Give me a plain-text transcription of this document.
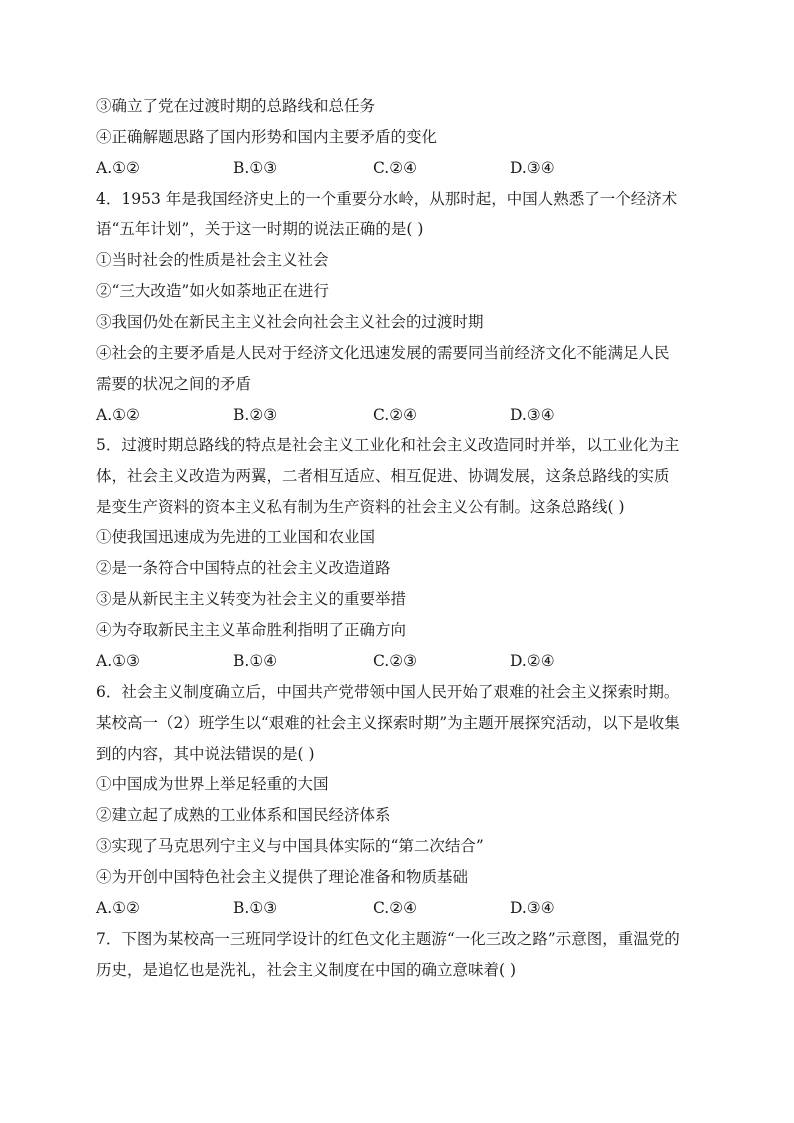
③确立了党在过渡时期的总路线和总任务
④正确解题思路了国内形势和国内主要矛盾的变化
A.①②	B.①③	C.②④	D.③④
4．1953 年是我国经济史上的一个重要分水岭，从那时起，中国人熟悉了一个经济术
语“五年计划”，关于这一时期的说法正确的是( )
①当时社会的性质是社会主义社会
②“三大改造”如火如荼地正在进行
③我国仍处在新民主主义社会向社会主义社会的过渡时期
④社会的主要矛盾是人民对于经济文化迅速发展的需要同当前经济文化不能满足人民
需要的状况之间的矛盾
A.①②	B.②③	C.②④	D.③④
5．过渡时期总路线的特点是社会主义工业化和社会主义改造同时并举，以工业化为主
体，社会主义改造为两翼，二者相互适应、相互促进、协调发展，这条总路线的实质
是变生产资料的资本主义私有制为生产资料的社会主义公有制。这条总路线( )
①使我国迅速成为先进的工业国和农业国
②是一条符合中国特点的社会主义改造道路
③是从新民主主义转变为社会主义的重要举措
④为夺取新民主主义革命胜利指明了正确方向
A.①③	B.①④	C.②③	D.②④
6．社会主义制度确立后，中国共产党带领中国人民开始了艰难的社会主义探索时期。
某校高一（2）班学生以“艰难的社会主义探索时期”为主题开展探究活动，以下是收集
到的内容，其中说法错误的是( )
①中国成为世界上举足轻重的大国
②建立起了成熟的工业体系和国民经济体系
③实现了马克思列宁主义与中国具体实际的“第二次结合”
④为开创中国特色社会主义提供了理论准备和物质基础
A.①②	B.①③	C.②④	D.③④
7．下图为某校高一三班同学设计的红色文化主题游“一化三改之路”示意图，重温党的
历史，是追忆也是洗礼，社会主义制度在中国的确立意味着( )
